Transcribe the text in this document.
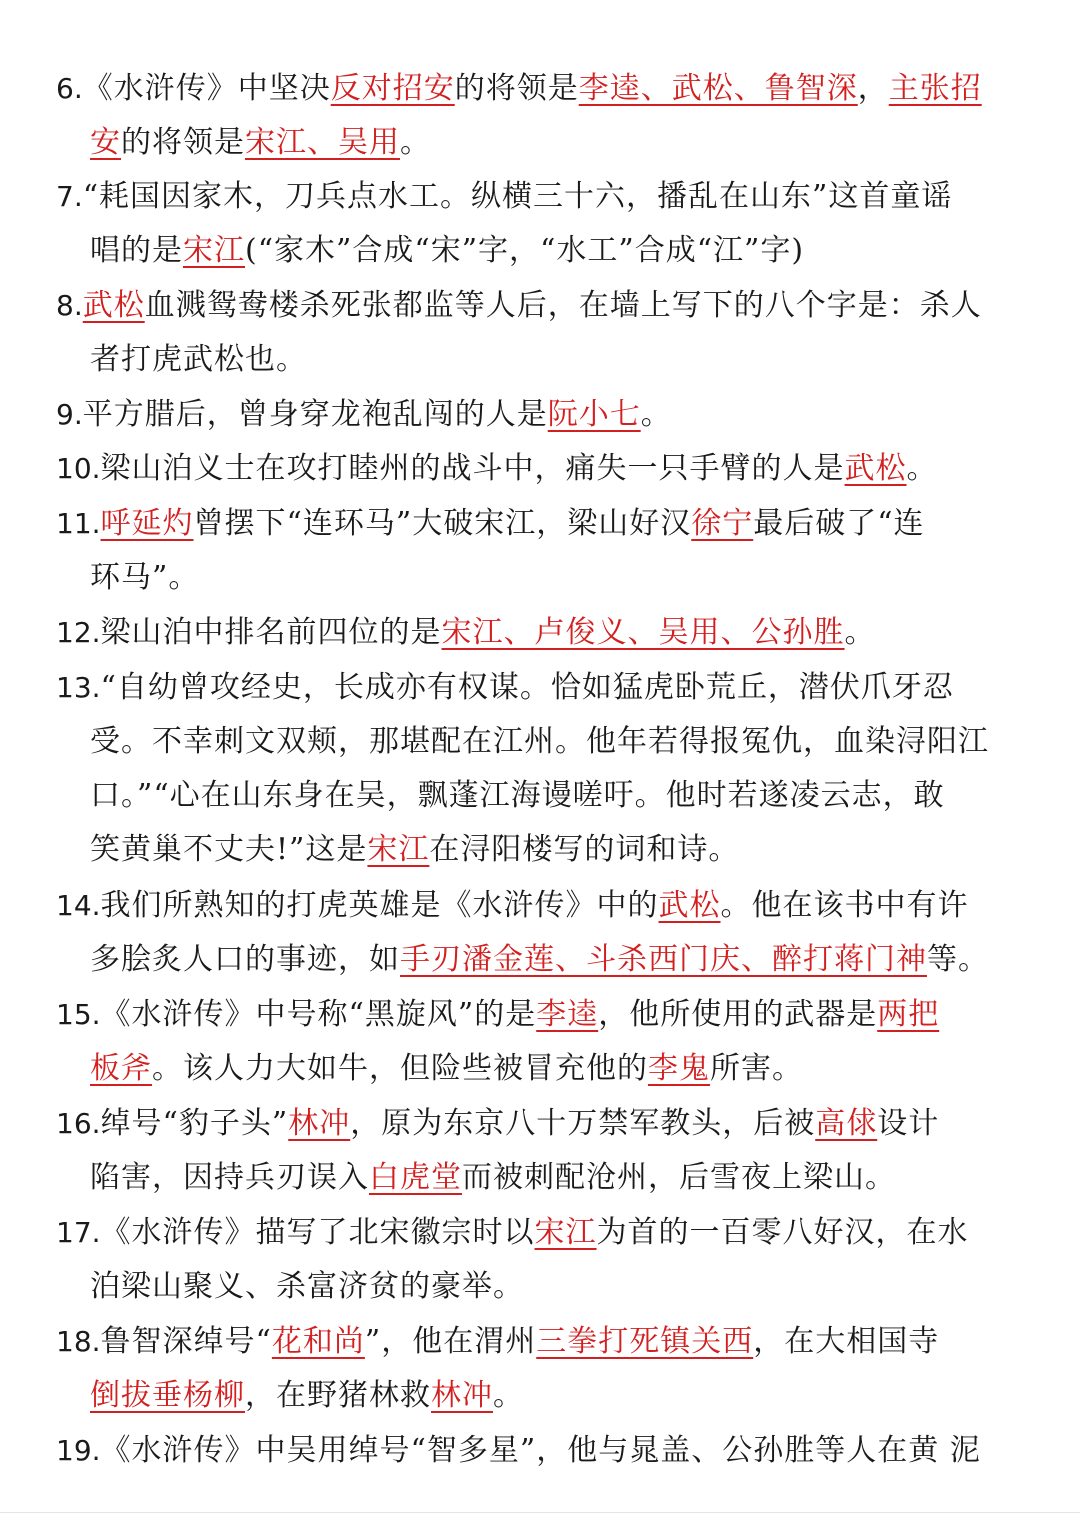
6.《水浒传》中坚决反对招安的将领是李逵、武松、鲁智深，主张招
安的将领是宋江、吴用。
7.“耗国因家木，刀兵点水工。纵横三十六，播乱在山东”这首童谣
唱的是宋江(“家木”合成“宋”字，“水工”合成“江”字)
8.武松血溅鸳鸯楼杀死张都监等人后，在墙上写下的八个字是：杀人
者打虎武松也。
9.平方腊后，曾身穿龙袍乱闯的人是阮小七。
10.梁山泊义士在攻打睦州的战斗中，痛失一只手臂的人是武松。
11.呼延灼曾摆下“连环马”大破宋江，梁山好汉徐宁最后破了“连
环马”。
12.梁山泊中排名前四位的是宋江、卢俊义、吴用、公孙胜。
13.“自幼曾攻经史，长成亦有权谋。恰如猛虎卧荒丘，潜伏爪牙忍
受。不幸刺文双颊，那堪配在江州。他年若得报冤仇，血染浔阳江
口。”“心在山东身在吴，飘蓬江海谩嗟吁。他时若遂凌云志，敢
笑黄巢不丈夫!”这是宋江在浔阳楼写的词和诗。
14.我们所熟知的打虎英雄是《水浒传》中的武松。他在该书中有许
多脍炙人口的事迹，如手刃潘金莲、斗杀西门庆、醉打蒋门神等。
15.《水浒传》中号称“黑旋风”的是李逵，他所使用的武器是两把
板斧。该人力大如牛，但险些被冒充他的李鬼所害。
16.绰号“豹子头”林冲，原为东京八十万禁军教头，后被高俅设计
陷害，因持兵刃误入白虎堂而被刺配沧州，后雪夜上梁山。
17.《水浒传》描写了北宋徽宗时以宋江为首的一百零八好汉，在水
泊梁山聚义、杀富济贫的豪举。
18.鲁智深绰号“花和尚”，他在渭州三拳打死镇关西，在大相国寺
倒拔垂杨柳，在野猪林救林冲。
19.《水浒传》中吴用绰号“智多星”，他与晁盖、公孙胜等人在黄 泥
